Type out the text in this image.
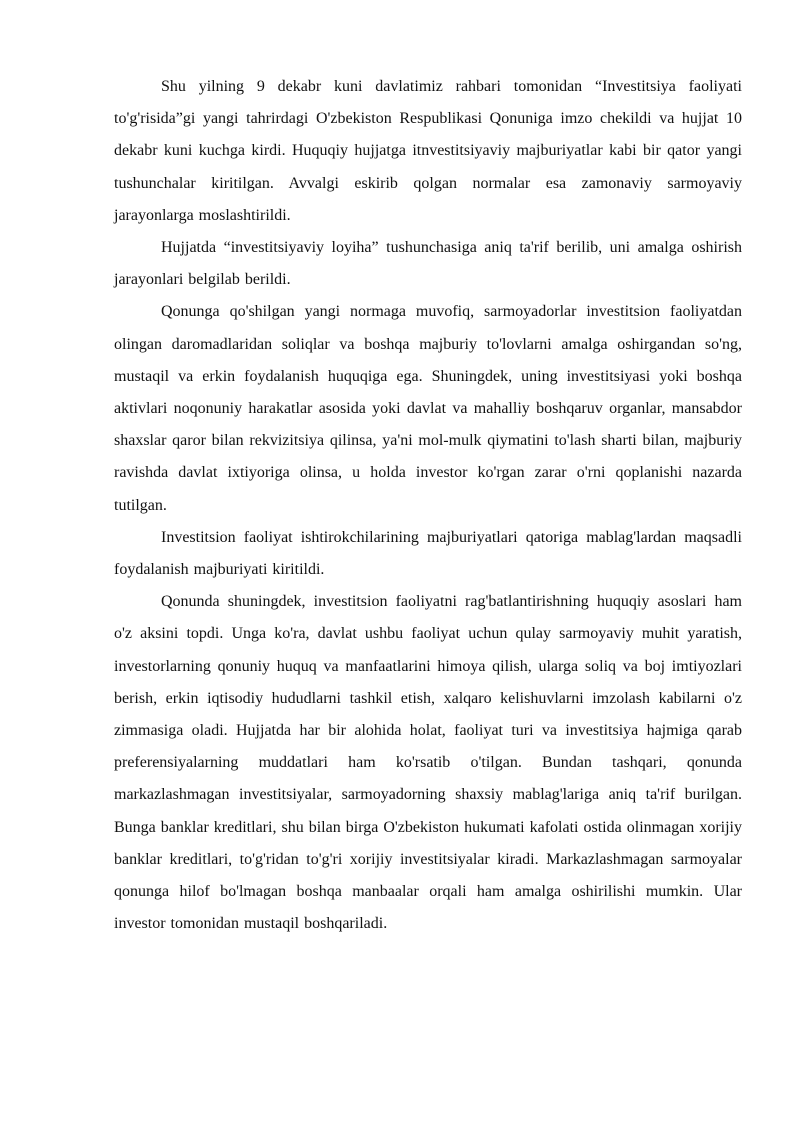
Shu yilning 9 dekabr kuni davlatimiz rahbari tomonidan “Investitsiya faoliyati to'g'risida”gi yangi tahrirdagi O'zbekiston Respublikasi Qonuniga imzo chekildi va hujjat 10 dekabr kuni kuchga kirdi. Huquqiy hujjatga itnvestitsiyaviy majburiyatlar kabi bir qator yangi tushunchalar kiritilgan. Avvalgi eskirib qolgan normalar esa zamonaviy sarmoyaviy jarayonlarga moslashtirildi.

Hujjatda “investitsiyaviy loyiha” tushunchasiga aniq ta'rif berilib, uni amalga oshirish jarayonlari belgilab berildi.

Qonunga qo'shilgan yangi normaga muvofiq, sarmoyadorlar investitsion faoliyatdan olingan daromadlaridan soliqlar va boshqa majburiy to'lovlarni amalga oshirgandan so'ng, mustaqil va erkin foydalanish huquqiga ega. Shuningdek, uning investitsiyasi yoki boshqa aktivlari noqonuniy harakatlar asosida yoki davlat va mahalliy boshqaruv organlar, mansabdor shaxslar qaror bilan rekvizitsiya qilinsa, ya'ni mol-mulk qiymatini to'lash sharti bilan, majburiy ravishda davlat ixtiyoriga olinsa, u holda investor ko'rgan zarar o'rni qoplanishi nazarda tutilgan.

Investitsion faoliyat ishtirokchilarining majburiyatlari qatoriga mablag'lardan maqsadli foydalanish majburiyati kiritildi.

Qonunda shuningdek, investitsion faoliyatni rag'batlantirishning huquqiy asoslari ham o'z aksini topdi. Unga ko'ra, davlat ushbu faoliyat uchun qulay sarmoyaviy muhit yaratish, investorlarning qonuniy huquq va manfaatlarini himoya qilish, ularga soliq va boj imtiyozlari berish, erkin iqtisodiy hududlarni tashkil etish, xalqaro kelishuvlarni imzolash kabilarni o'z zimmasiga oladi. Hujjatda har bir alohida holat, faoliyat turi va investitsiya hajmiga qarab preferensiyalarning muddatlari ham ko'rsatib o'tilgan. Bundan tashqari, qonunda markazlashmagan investitsiyalar, sarmoyadorning shaxsiy mablag'lariga aniq ta'rif burilgan. Bunga banklar kreditlari, shu bilan birga O'zbekiston hukumati kafolati ostida olinmagan xorijiy banklar kreditlari, to'g'ridan to'g'ri xorijiy investitsiyalar kiradi. Markazlashmagan sarmoyalar qonunga hilof bo'lmagan boshqa manbaalar orqali ham amalga oshirilishi mumkin. Ular investor tomonidan mustaqil boshqariladi.
